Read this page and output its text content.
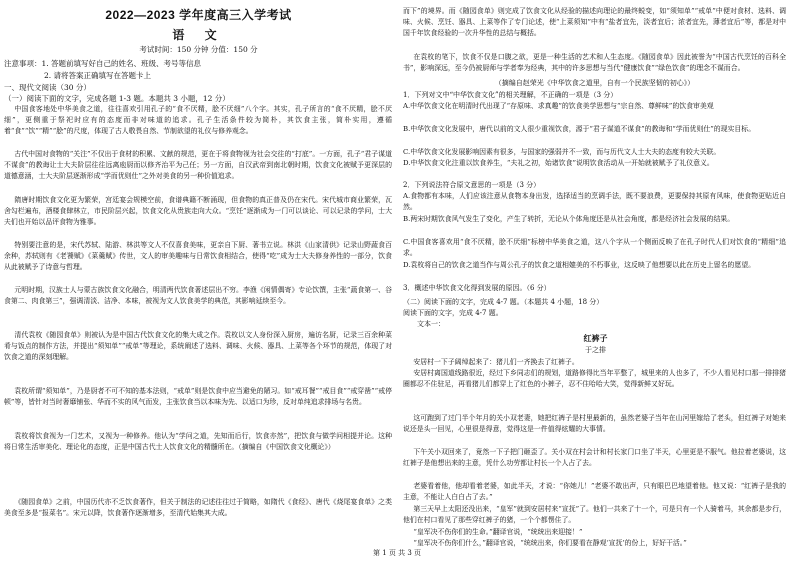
2022—2023 学年度高三入学考试
语 文
考试时间：150 分钟 分值：150 分
注意事项：1. 答题前填写好自己的姓名、班级、考号等信息
2. 请将答案正确填写在答题卡上
一、现代文阅读（30 分）
（一）阅读下面的文字，完成各题 1-3 题。本题共 3 小题，12 分）

中国食客地处中华美食之道，往往喜欢引用孔子的“食不厌精，脍不厌细”八个字。其实，孔子所言的“食不厌精，脍不厌细”，更侧重于祭祀时应有的态度而非对味道的追求。孔子生活条件较为简朴，其饮食主张，简朴实用，遵循着“食”“饮”“精”“脍”的尺度，体现了古人敬畏自然、节制欲望的礼仪与修养观念。

古代中国对食物的“关注”不仅出于食材的积累、文献的规范，更在于将食物视为社会交往的“打底”。一方面，孔子“君子谋道不谋食”的教诲让士大夫阶层往往远离庖厨而以修齐治平为己任；另一方面，自汉武帝到南北朝时期，饮食文化被赋予更深层的道德意涵，士大夫阶层逐渐形成“学而优则仕”之外对美食的另一种价值追求。

隋唐时期饮食文化更为繁荣，宫廷宴会规模空前，食谱典籍不断涌现，但食物的真正普及仍在宋代。宋代城市商业繁荣，瓦舍勾栏遍布，酒楼食肆林立，市民阶层兴起，饮食文化从贵族走向大众。“烹饪”逐渐成为一门可以谈论、可以记录的学问，士大夫们也开始以品评食物为雅事。

特别要注意的是，宋代苏轼、陆游、林洪等文人不仅喜食美味，更亲自下厨、著书立说。林洪《山家清供》记录山野蔬食百余种，苏轼则有《老饕赋》《菜羹赋》传世，文人的审美趣味与日常饮食相结合，使得“吃”成为士大夫修身养性的一部分，饮食从此被赋予了诗意与哲理。

元明时期，汉族士人与蒙古族饮食文化融合，明清两代饮食著述层出不穷。李渔《闲情偶寄》专论饮馔，主张“蔬食第一、谷食第二、肉食第三”，强调清淡、洁净、本味，被视为文人饮食美学的典范，其影响延续至今。

清代袁枚《随园食单》则被认为是中国古代饮食文化的集大成之作。袁枚以文人身份深入厨房，遍访名厨，记录三百余种菜肴与饭点的制作方法，并提出“须知单”“戒单”等理论，系统阐述了选料、调味、火候、器具、上菜等各个环节的规范，体现了对饮食之道的深刻理解。

袁枚所谓“须知单”，乃是厨者不可不知的基本法则，“戒单”则是饮食中应当避免的陋习。如“戒耳餐”“戒目食”“戒穿凿”“戒停顿”等，皆针对当时奢靡铺张、华而不实的风气而发，主张饮食当以本味为先、以适口为珍，反对单纯追求排场与名贵。

袁枚将饮食视为一门艺术，又视为一种修养。他认为“学问之道，先知而后行，饮食亦然”，把饮食与做学问相提并论。这种将日常生活审美化、理论化的态度，正是中国古代士人饮食文化的精髓所在。（摘编自《中国饮食文化概论》）

《随园食单》之前，中国历代亦不乏饮食著作，但关于制法的记述往往过于简略，如隋代《食经》、唐代《烧尾宴食单》之类美食至多是“报菜名”。宋元以降，饮食著作逐渐增多，至清代始集其大成。

而下”的境界。而《随园食单》则完成了饮食文化从经验的描述向理论的最终蜕变，如“须知单”“戒单”中便对食材、选料、调味、火候、烹饪、器具、上菜等作了专门论述，使“上菜须知”中有“盐者宜先，淡者宜后；浓者宜先，薄者宜后”等，都是对中国千年饮食经验的一次升华性的总结与概括。

在袁枚的笔下，饮食不仅是口腹之欲，更是一种生活的艺术和人生态度。《随园食单》因此被誉为“中国古代烹饪的百科全书”，影响深远，至今仍被厨师与学者奉为经典，其中的许多思想与当代“健康饮食”“绿色饮食”的理念不谋而合。

（摘编自赵荣光《中华饮食之道里，自有一个民族坚韧的初心》）
1．下列对文中“中华饮食文化”的相关理解，不正确的一项是（3 分）

A.中华饮食文化在明清时代出现了“存原味、求真趣”的饮食美学思想与“宗自然、尊鲜味”的饮食审美观

B.中华饮食文化发展中，唐代以前的文人很少重视饮食，源于“君子谋道不谋食”的教诲和“学而优则仕”的现实目标。

C.中华饮食文化发展影响因素有很多，与国家的强弱并不一致，而与历代文人士大夫的态度有较大关联。

D.中华饮食文化注重以饮食养生，“夫礼之初，始诸饮食”说明饮食活动从一开始就被赋予了礼仪意义。

2．下列说法符合原文意思的一项是（3 分）

A.食物都有本味，人们应该注意从食物本身出发，选择适当的烹调手法，既不要浪费，更要保持其原有风味，使食物更贴近自然。

B.两宋时期饮食风气发生了变化，产生了转折，无论从个体角度还是从社会角度，都是经济社会发展的结果。

C.中国食客喜欢用“食不厌精，脍不厌细”标榜中华美食之道，这八个字从一个侧面反映了在孔子时代人们对饮食的“精细”追求。

D.袁枚将自己的饮食之道当作与周公孔子的饮食之道相媲美的不朽事业，这反映了他想要以此在历史上留名的愿望。

3．概述中华饮食文化得到发展的原因。（6 分）
（二）阅读下面的文字，完成 4-7 题。（本题共 4 小题，18 分）
阅读下面的文字，完成 4-7 题。
文本一：
红裤子
于之排

安居村一下子阔绰起来了：猪儿们一齐换去了红裤子。

安居村离国道线路很近，经过下乡同志们的规划，道路修得比当年平整了，城里来的人也多了，不少人看见村口那一排排猪圈都忍不住驻足，再看猪儿们都穿上了红色的小裤子，忍不住哈哈大笑，觉得新鲜又好玩。

这可跑到了过门半个年月的关小双老妻，她把红裤子是村里最新的，虽然老婆子当年在山河里嫁给了老头，但红裤子对她来说还是头一回见，心里很是得意，觉得这是一件值得炫耀的大事情。

下午关小双回来了，竟然一下子把门砸歪了。关小双在村会计和村长家门口坐了半天，心里更是不服气。他拉着老婆说，这红裤子是他想出来的主意，凭什么功劳都让村长一个人占了去。

老婆看着他，他却看着老婆，如此半天，才说：“你她儿！”老婆不敢出声，只有眼巴巴地望着他。他又说：“红裤子是我的主意，不能让人白白占了去。”

第三天早上太阳还没出来，“皇军”就到安居村来“宣抚”了。他们一共来了十一个，可是只有一个人骑着马，其余都是步行，他们在村口看见了那些穿红裤子的猪，一个个都愣住了。

“皇军决不伤你们的生命。”翻译官说，“统统出来迎接！”

“皇军决不伤你们什么，”翻译官说，“统统出来，你们要看在静观‘宣抚’的份上，好好干活。”

第 1 页 共 3 页
